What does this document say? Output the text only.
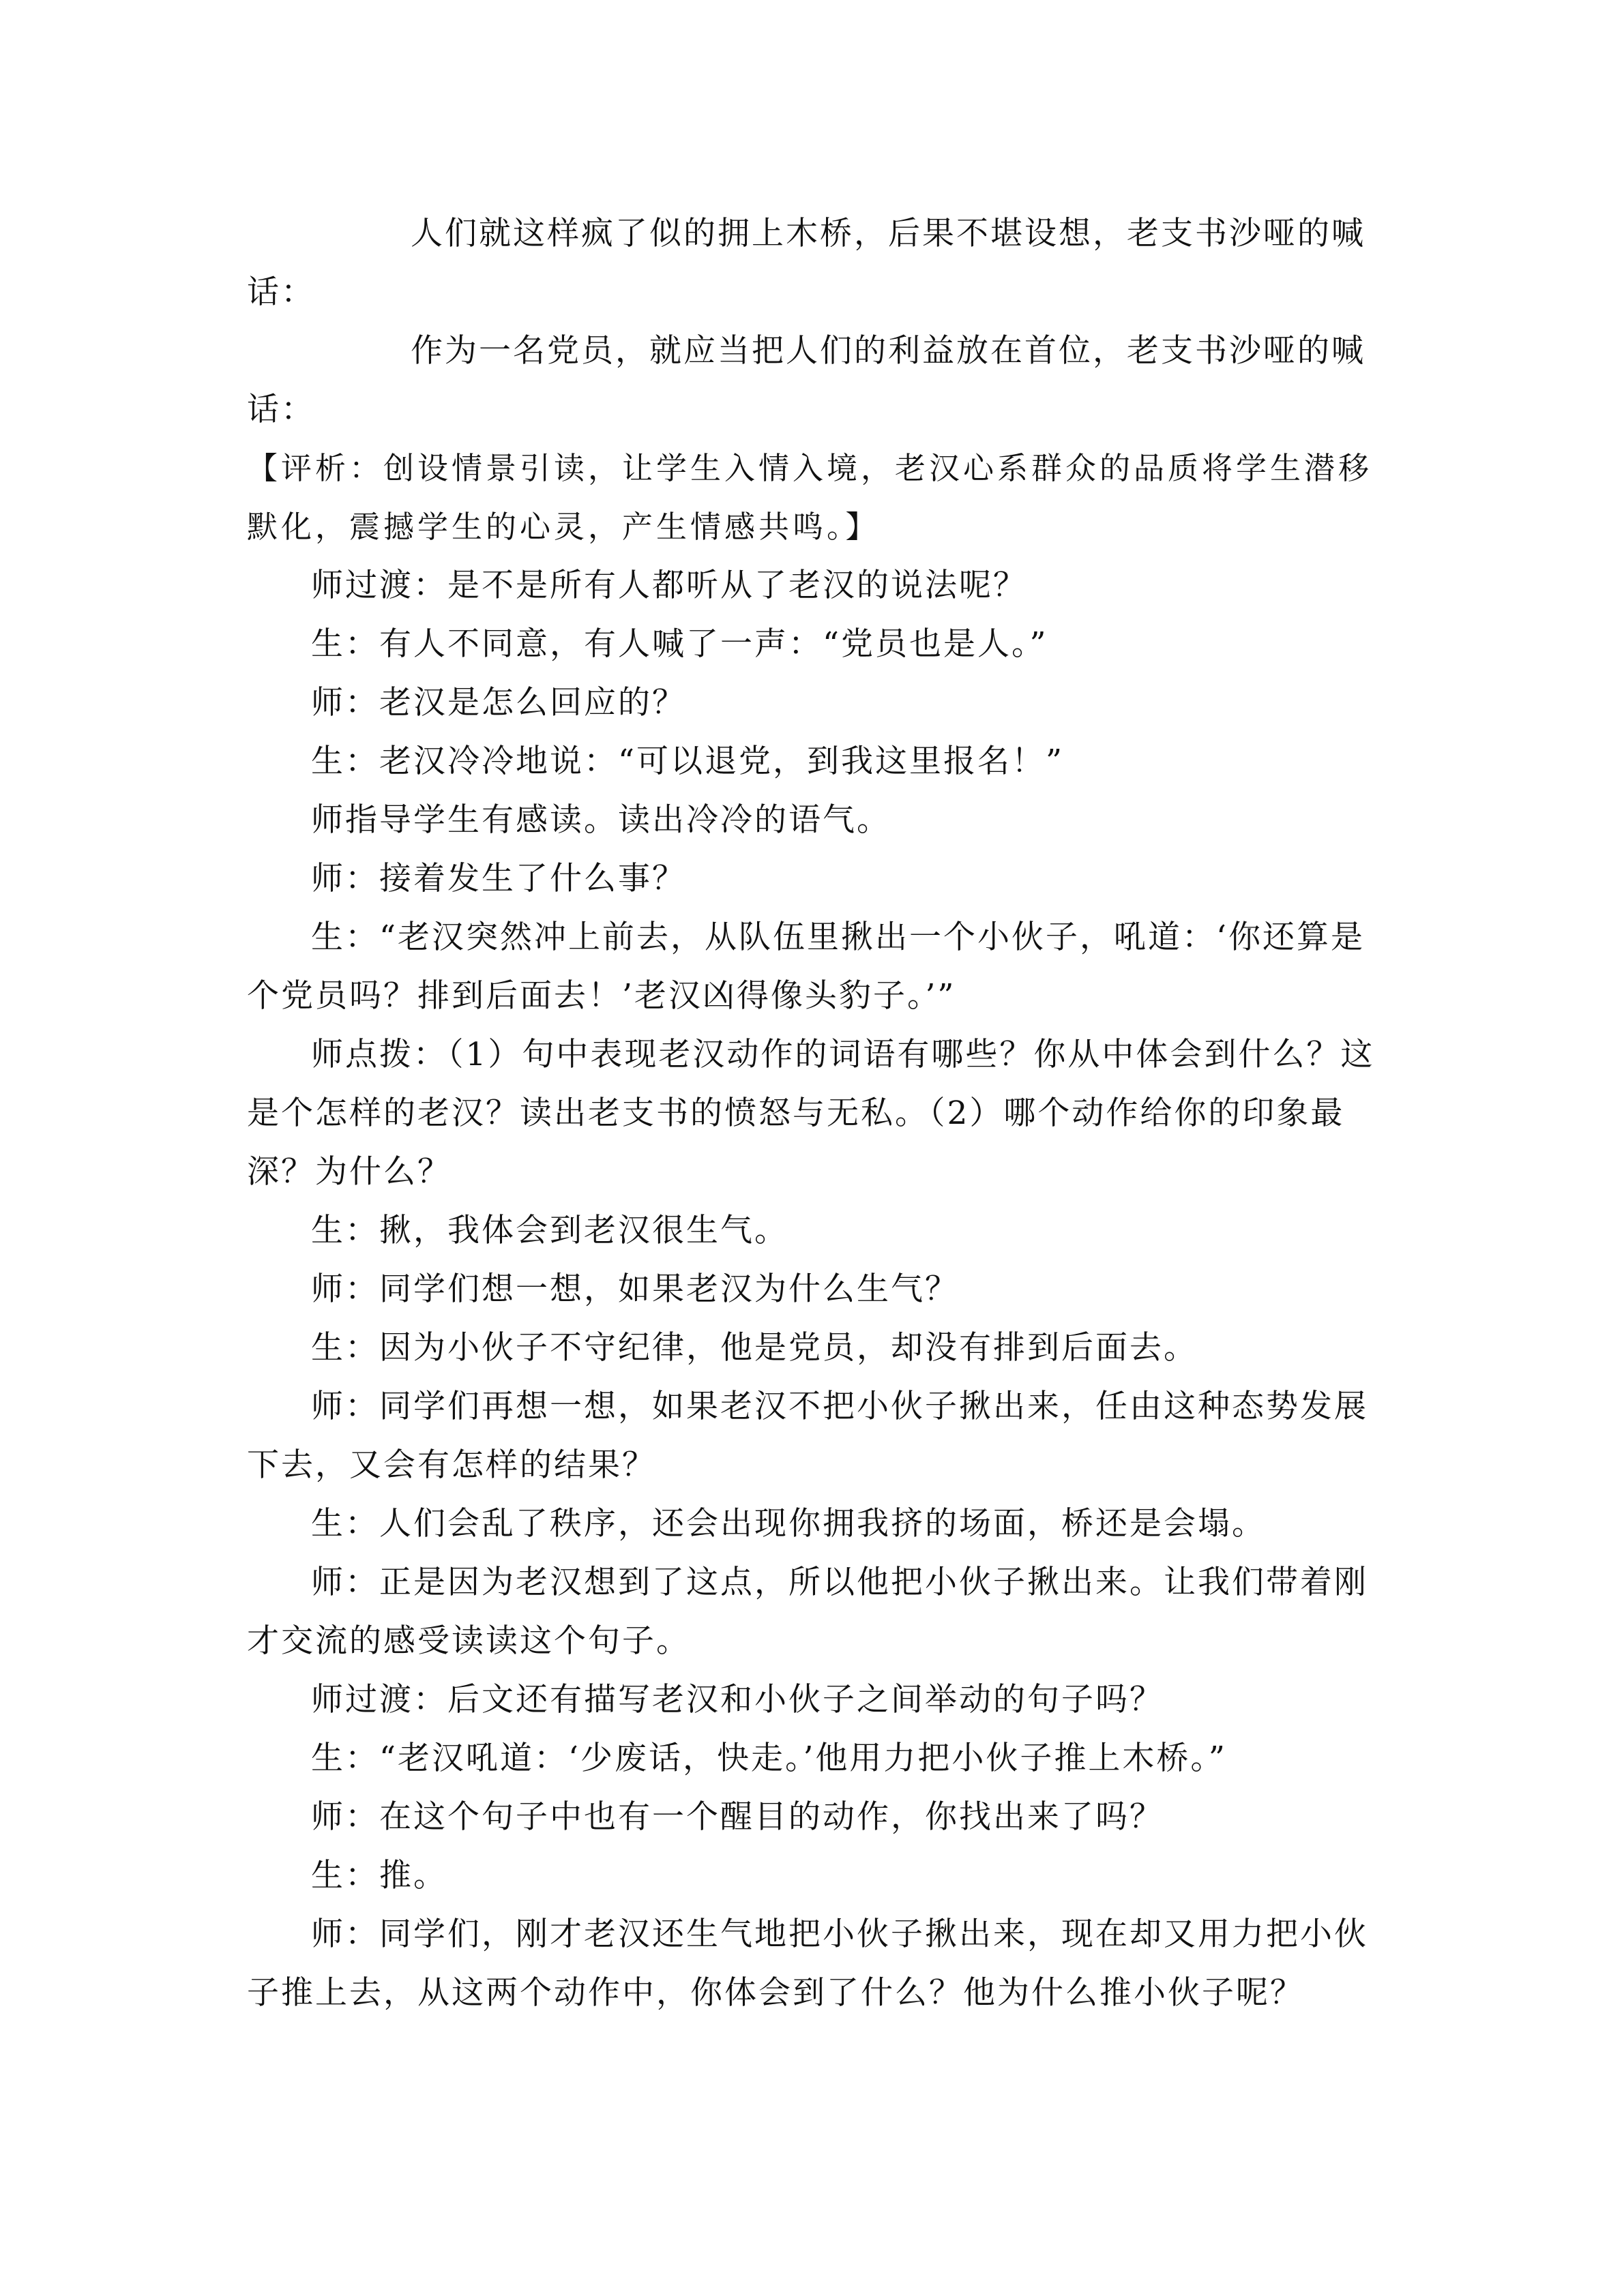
人们就这样疯了似的拥上木桥，后果不堪设想，老支书沙哑的喊话：

作为一名党员，就应当把人们的利益放在首位，老支书沙哑的喊话：

【评析：创设情景引读，让学生入情入境，老汉心系群众的品质将学生潜移默化，震撼学生的心灵，产生情感共鸣。】

师过渡：是不是所有人都听从了老汉的说法呢？

生：有人不同意，有人喊了一声：“党员也是人。”

师：老汉是怎么回应的？

生：老汉冷冷地说：“可以退党，到我这里报名！”

师指导学生有感读。读出冷冷的语气。

师：接着发生了什么事？

生：“老汉突然冲上前去，从队伍里揪出一个小伙子，吼道：‘你还算是个党员吗？排到后面去！’老汉凶得像头豹子。’”

师点拨：（1）句中表现老汉动作的词语有哪些？你从中体会到什么？这是个怎样的老汉？读出老支书的愤怒与无私。（2）哪个动作给你的印象最深？为什么？

生：揪，我体会到老汉很生气。

师：同学们想一想，如果老汉为什么生气？

生：因为小伙子不守纪律，他是党员，却没有排到后面去。

师：同学们再想一想，如果老汉不把小伙子揪出来，任由这种态势发展下去，又会有怎样的结果？

生：人们会乱了秩序，还会出现你拥我挤的场面，桥还是会塌。

师：正是因为老汉想到了这点，所以他把小伙子揪出来。让我们带着刚才交流的感受读读这个句子。

师过渡：后文还有描写老汉和小伙子之间举动的句子吗？

生：“老汉吼道：‘少废话，快走。’他用力把小伙子推上木桥。”

师：在这个句子中也有一个醒目的动作，你找出来了吗？

生：推。

师：同学们，刚才老汉还生气地把小伙子揪出来，现在却又用力把小伙子推上去，从这两个动作中，你体会到了什么？他为什么推小伙子呢？
